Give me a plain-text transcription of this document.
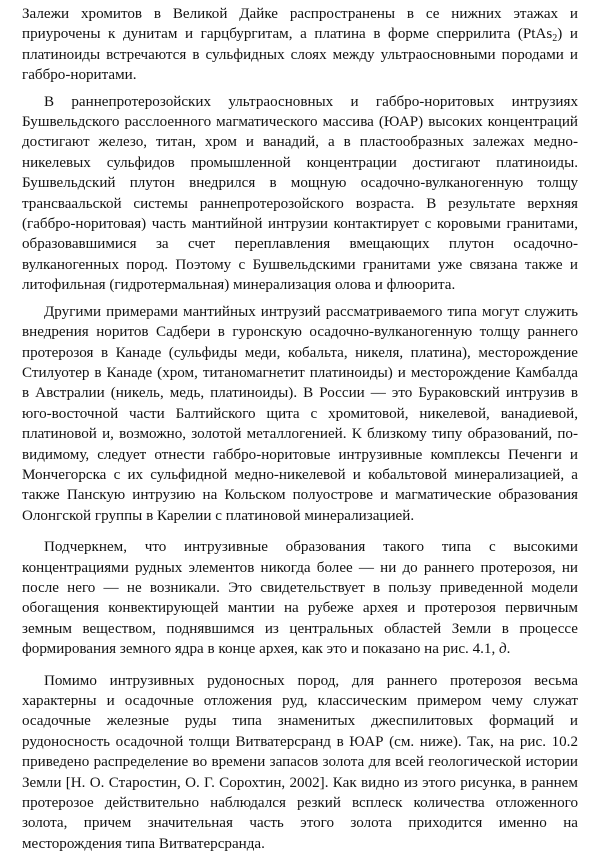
Залежи хромитов в Великой Дайке распространены в се нижних этажах и приурочены к дунитам и гарцбургитам, а платина в форме сперрилита (PtAs$_2$) и платиноиды встречаются в сульфидных слоях между ультраосновными породами и габбро-норитами.

В раннепротерозойских ультраосновных и габбро-норитовых интрузиях Бушвельдского расслоенного магматического массива (ЮАР) высоких концентраций достигают железо, титан, хром и ванадий, а в пластообразных залежах медно-никелевых сульфидов промышленной концентрации достигают платиноиды. Бушвельдский плутон внедрился в мощную осадочно-вулканогенную толщу трансваальской системы раннепротерозойского возраста. В результате верхняя (габбро-норитовая) часть мантийной интрузии контактирует с коровыми гранитами, образовавшимися за счет переплавления вмещающих плутон осадочно-вулканогенных пород. Поэтому с Бушвельдскими гранитами уже связана также и литофильная (гидротермальная) минерализация олова и флюорита.

Другими примерами мантийных интрузий рассматриваемого типа могут служить внедрения норитов Садбери в гуронскую осадочно-вулканогенную толщу раннего протерозоя в Канаде (сульфиды меди, кобальта, никеля, платина), месторождение Стилуотер в Канаде (хром, титаномагнетит платиноиды) и месторождение Камбалда в Австралии (никель, медь, платиноиды). В России — это Бураковский интрузив в юго-восточной части Балтийского щита с хромитовой, никелевой, ванадиевой, платиновой и, возможно, золотой металлогенией. К близкому типу образований, по-видимому, следует отнести габбро-норитовые интрузивные комплексы Печенги и Мончегорска с их сульфидной медно-никелевой и кобальтовой минерализацией, а также Панскую интрузию на Кольском полуострове и магматические образования Олонгской группы в Карелии с платиновой минерализацией.

Подчеркнем, что интрузивные образования такого типа с высокими концентрациями рудных элементов никогда более — ни до раннего протерозоя, ни после него — не возникали. Это свидетельствует в пользу приведенной модели обогащения конвектирующей мантии на рубеже архея и протерозоя первичным земным веществом, поднявшимся из центральных областей Земли в процессе формирования земного ядра в конце архея, как это и показано на рис. 4.1, д.

Помимо интрузивных рудоносных пород, для раннего протерозоя весьма характерны и осадочные отложения руд, классическим примером чему служат осадочные железные руды типа знаменитых джеспилитовых формаций и рудоносность осадочной толщи Витватерсранд в ЮАР (см. ниже). Так, на рис. 10.2 приведено распределение во времени запасов золота для всей геологической истории Земли [Н. О. Старостин, О. Г. Сорохтин, 2002]. Как видно из этого рисунка, в раннем протерозое действительно наблюдался резкий всплеск количества отложенного золота, причем значительная часть этого золота приходится именно на месторождения типа Витватерсранда.
